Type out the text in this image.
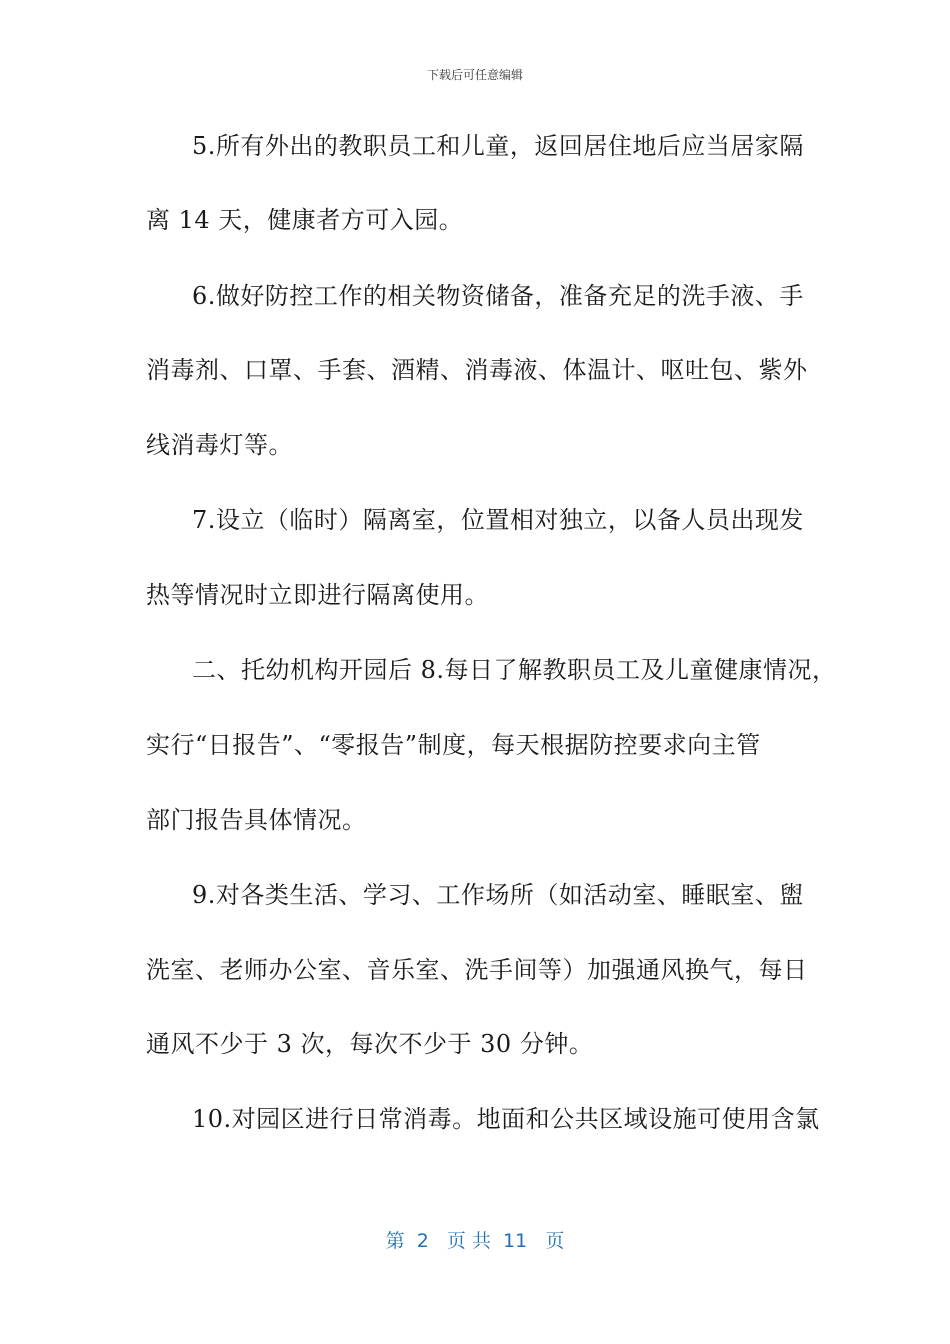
下载后可任意编辑

5.所有外出的教职员工和儿童，返回居住地后应当居家隔

离 14 天，健康者方可入园。

6.做好防控工作的相关物资储备，准备充足的洗手液、手

消毒剂、口罩、手套、酒精、消毒液、体温计、呕吐包、紫外

线消毒灯等。

7.设立（临时）隔离室，位置相对独立，以备人员出现发

热等情况时立即进行隔离使用。

二、托幼机构开园后 8.每日了解教职员工及儿童健康情况，

实行“日报告”、“零报告”制度，每天根据防控要求向主管

部门报告具体情况。

9.对各类生活、学习、工作场所（如活动室、睡眠室、盥

洗室、老师办公室、音乐室、洗手间等）加强通风换气，每日

通风不少于 3 次，每次不少于 30 分钟。

10.对园区进行日常消毒。地面和公共区域设施可使用含氯

第  2   页 共  11   页
